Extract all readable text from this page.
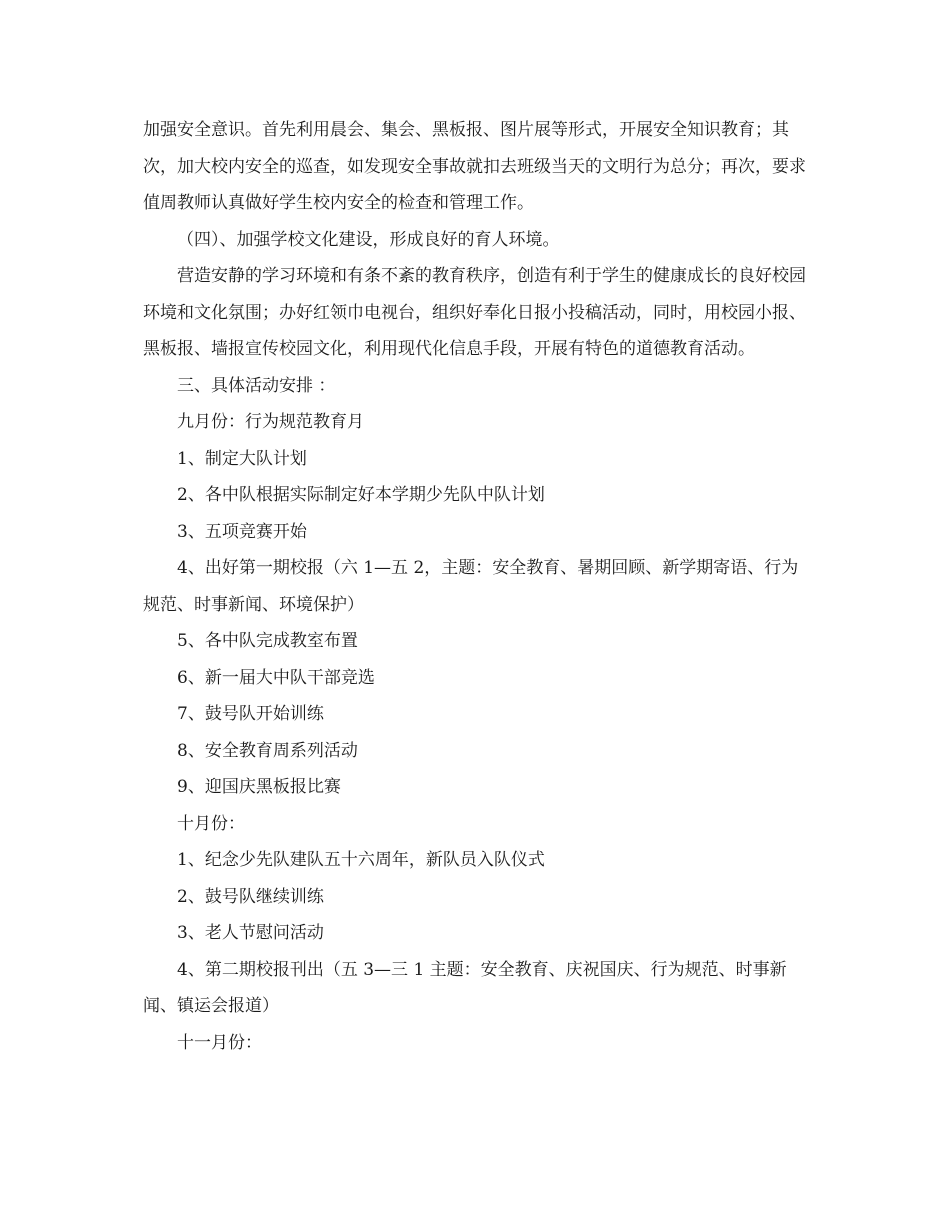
加强安全意识。首先利用晨会、集会、黑板报、图片展等形式，开展安全知识教育；其次，加大校内安全的巡查，如发现安全事故就扣去班级当天的文明行为总分；再次，要求值周教师认真做好学生校内安全的检查和管理工作。

（四）、加强学校文化建设，形成良好的育人环境。

营造安静的学习环境和有条不紊的教育秩序，创造有利于学生的健康成长的良好校园环境和文化氛围；办好红领巾电视台，组织好奉化日报小投稿活动，同时，用校园小报、黑板报、墙报宣传校园文化，利用现代化信息手段，开展有特色的道德教育活动。

三、具体活动安排 ：

九月份：行为规范教育月

1、制定大队计划

2、各中队根据实际制定好本学期少先队中队计划

3、五项竞赛开始

4、出好第一期校报（六 1—五 2，主题：安全教育、暑期回顾、新学期寄语、行为规范、时事新闻、环境保护）

5、各中队完成教室布置

6、新一届大中队干部竞选

7、鼓号队开始训练

8、安全教育周系列活动

9、迎国庆黑板报比赛

十月份：

1、纪念少先队建队五十六周年，新队员入队仪式

2、鼓号队继续训练

3、老人节慰问活动

4、第二期校报刊出（五 3—三 1 主题：安全教育、庆祝国庆、行为规范、时事新闻、镇运会报道）

十一月份：
